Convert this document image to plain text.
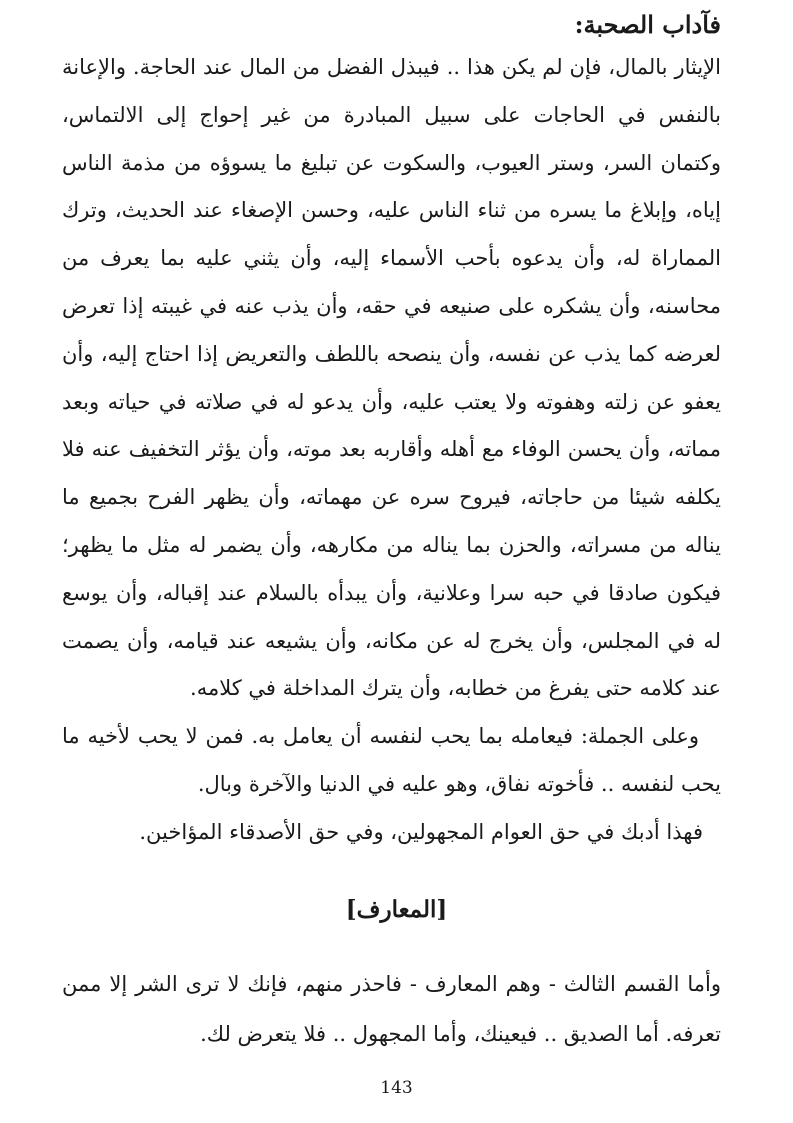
فآداب الصحبة:

الإيثار بالمال، فإن لم يكن هذا .. فيبذل الفضل من المال عند الحاجة. والإعانة بالنفس في الحاجات على سبيل المبادرة من غير إحواج إلى الالتماس، وكتمان السر، وستر العيوب، والسكوت عن تبليغ ما يسوؤه من مذمة الناس إياه، وإبلاغ ما يسره من ثناء الناس عليه، وحسن الإصغاء عند الحديث، وترك المماراة له، وأن يدعوه بأحب الأسماء إليه، وأن يثني عليه بما يعرف من محاسنه، وأن يشكره على صنيعه في حقه، وأن يذب عنه في غيبته إذا تعرض لعرضه كما يذب عن نفسه، وأن ينصحه باللطف والتعريض إذا احتاج إليه، وأن يعفو عن زلته وهفوته ولا يعتب عليه، وأن يدعو له في صلاته في حياته وبعد مماته، وأن يحسن الوفاء مع أهله وأقاربه بعد موته، وأن يؤثر التخفيف عنه فلا يكلفه شيئا من حاجاته، فيروح سره عن مهماته، وأن يظهر الفرح بجميع ما يناله من مسراته، والحزن بما يناله من مكارهه، وأن يضمر له مثل ما يظهر؛ فيكون صادقا في حبه سرا وعلانية، وأن يبدأه بالسلام عند إقباله، وأن يوسع له في المجلس، وأن يخرج له عن مكانه، وأن يشيعه عند قيامه، وأن يصمت عند كلامه حتى يفرغ من خطابه، وأن يترك المداخلة في كلامه.

وعلى الجملة: فيعامله بما يحب لنفسه أن يعامل به. فمن لا يحب لأخيه ما يحب لنفسه .. فأخوته نفاق، وهو عليه في الدنيا والآخرة وبال.

فهذا أدبك في حق العوام المجهولين، وفي حق الأصدقاء المؤاخين.

[المعارف]

وأما القسم الثالث - وهم المعارف - فاحذر منهم، فإنك لا ترى الشر إلا ممن تعرفه. أما الصديق .. فيعينك، وأما المجهول .. فلا يتعرض لك.

143
